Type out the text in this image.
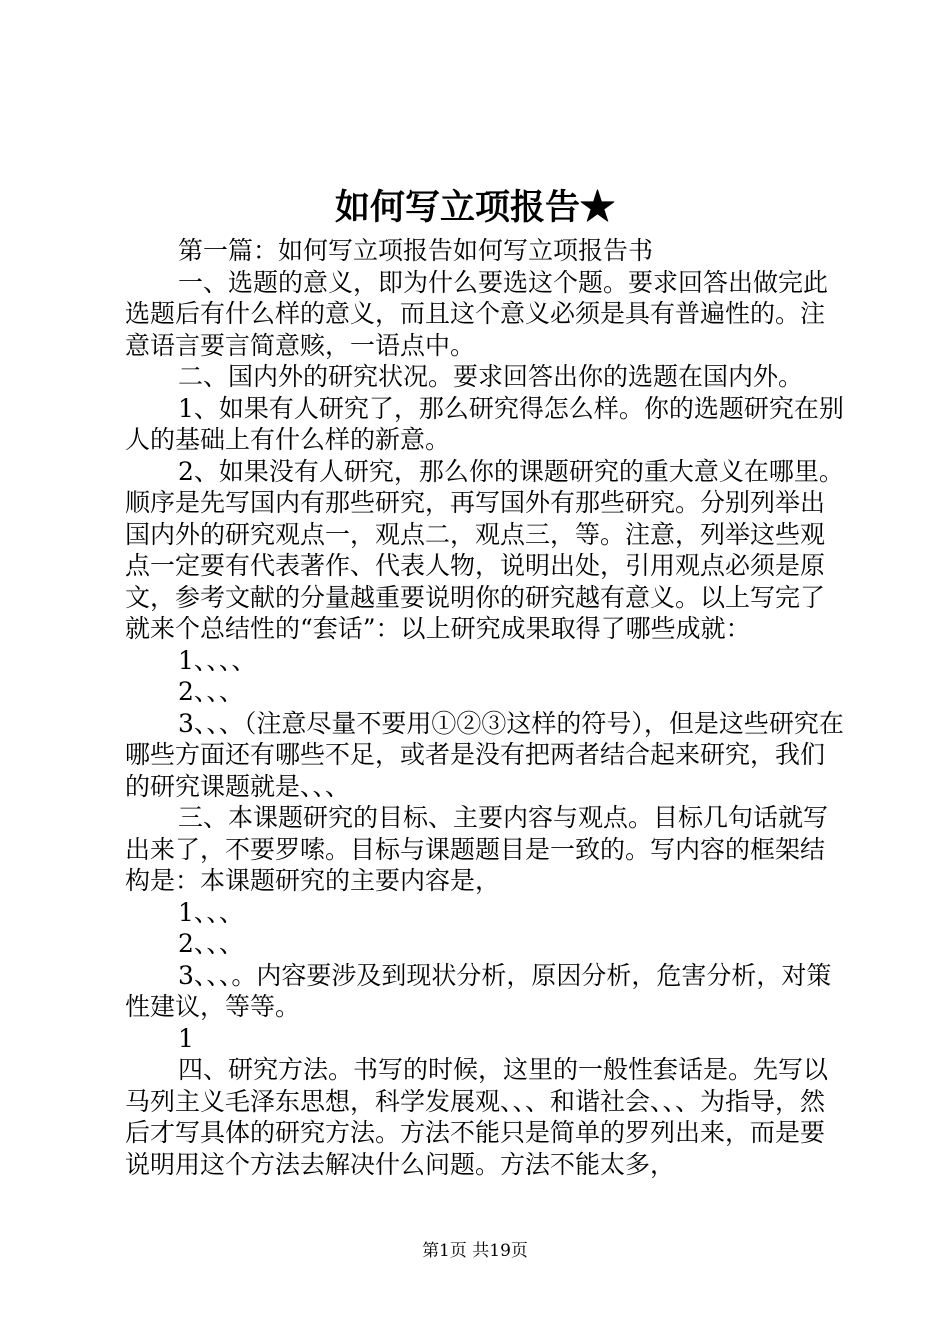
如何写立项报告★

第一篇：如何写立项报告如何写立项报告书

一、选题的意义，即为什么要选这个题。要求回答出做完此选题后有什么样的意义，而且这个意义必须是具有普遍性的。注意语言要言简意赅，一语点中。

二、国内外的研究状况。要求回答出你的选题在国内外。

1、如果有人研究了，那么研究得怎么样。你的选题研究在别人的基础上有什么样的新意。

2、如果没有人研究，那么你的课题研究的重大意义在哪里。顺序是先写国内有那些研究，再写国外有那些研究。分别列举出国内外的研究观点一，观点二，观点三，等。注意，列举这些观点一定要有代表著作、代表人物，说明出处，引用观点必须是原文，参考文献的分量越重要说明你的研究越有意义。以上写完了就来个总结性的“套话”：以上研究成果取得了哪些成就：

1、、、、

2、、、

3、、、（注意尽量不要用①②③这样的符号），但是这些研究在哪些方面还有哪些不足，或者是没有把两者结合起来研究，我们的研究课题就是、、、

三、本课题研究的目标、主要内容与观点。目标几句话就写出来了，不要罗嗦。目标与课题题目是一致的。写内容的框架结构是：本课题研究的主要内容是，

1、、、

2、、、

3、、、。内容要涉及到现状分析，原因分析，危害分析，对策性建议，等等。

1

四、研究方法。书写的时候，这里的一般性套话是。先写以马列主义毛泽东思想，科学发展观、、、和谐社会、、、为指导，然后才写具体的研究方法。方法不能只是简单的罗列出来，而是要说明用这个方法去解决什么问题。方法不能太多，

第1页 共19页
